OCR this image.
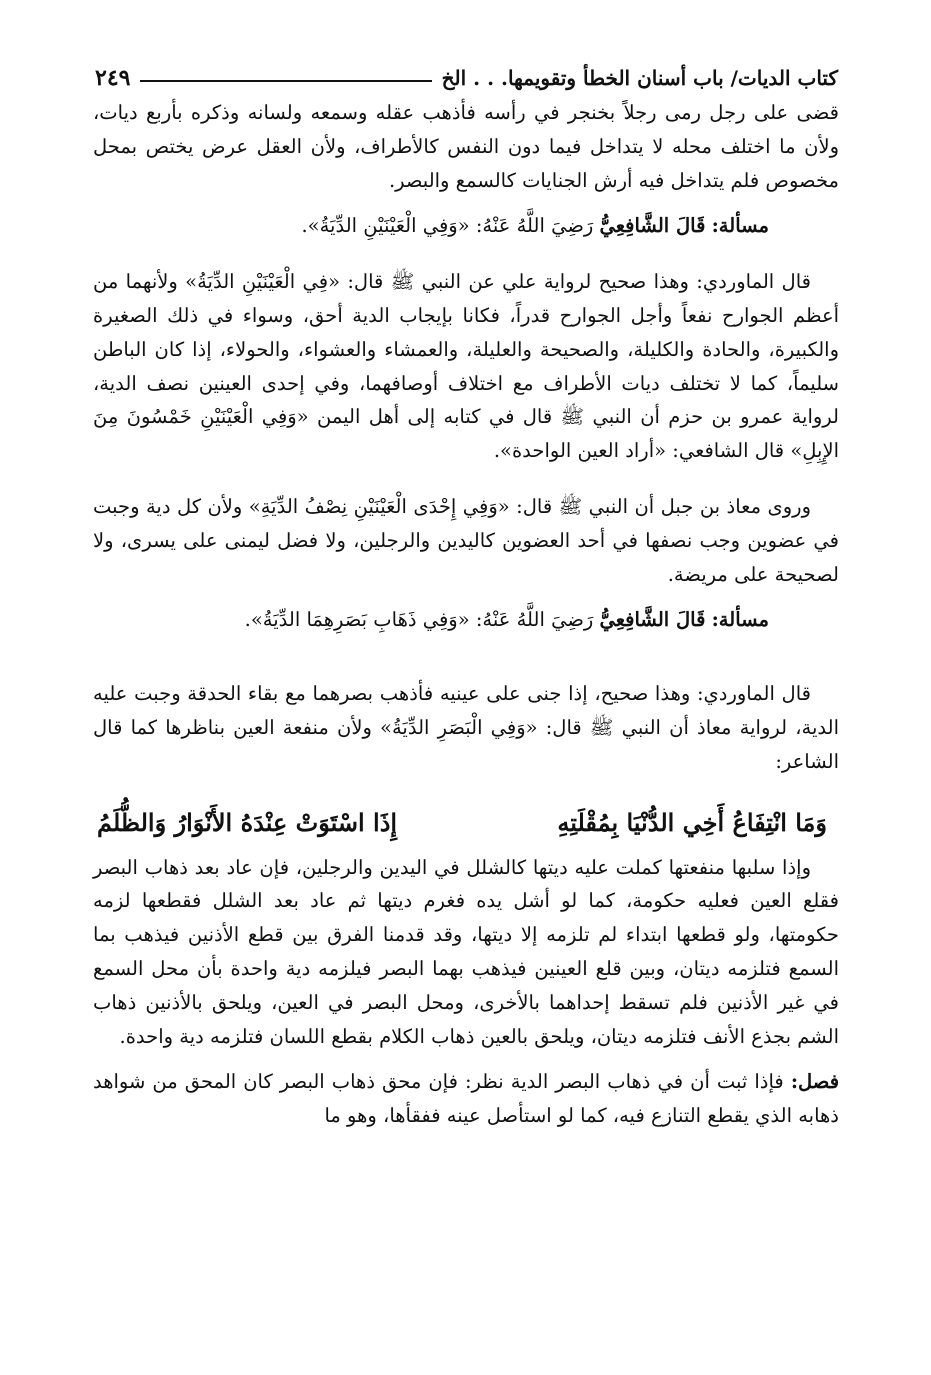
كتاب الديات/ باب أسنان الخطأ وتقويمها. . . الخ
٢٤٩

قضى على رجل رمى رجلاً بخنجر في رأسه فأذهب عقله وسمعه ولسانه وذكره بأربع ديات، ولأن ما اختلف محله لا يتداخل فيما دون النفس كالأطراف، ولأن العقل عرض يختص بمحل مخصوص فلم يتداخل فيه أرش الجنايات كالسمع والبصر.

مسألة: قَالَ الشَّافِعِيُّ رَضِيَ اللَّهُ عَنْهُ: «وَفِي الْعَيْنَيْنِ الدِّيَةُ».

قال الماوردي: وهذا صحيح لرواية علي عن النبي ﷺ قال: «فِي الْعَيْنَيْنِ الدِّيَةُ» ولأنهما من أعظم الجوارح نفعاً وأجل الجوارح قدراً، فكانا بإيجاب الدية أحق، وسواء في ذلك الصغيرة والكبيرة، والحادة والكليلة، والصحيحة والعليلة، والعمشاء والعشواء، والحولاء، إذا كان الباطن سليماً، كما لا تختلف ديات الأطراف مع اختلاف أوصافهما، وفي إحدى العينين نصف الدية، لرواية عمرو بن حزم أن النبي ﷺ قال في كتابه إلى أهل اليمن «وَفِي الْعَيْنَيْنِ خَمْسُونَ مِنَ الإِبِلِ» قال الشافعي: «أراد العين الواحدة».

وروى معاذ بن جبل أن النبي ﷺ قال: «وَفِي إِحْدَى الْعَيْنَيْنِ نِصْفُ الدِّيَةِ» ولأن كل دية وجبت في عضوين وجب نصفها في أحد العضوين كاليدين والرجلين، ولا فضل ليمنى على يسرى، ولا لصحيحة على مريضة.

مسألة: قَالَ الشَّافِعِيُّ رَضِيَ اللَّهُ عَنْهُ: «وَفِي ذَهَابِ بَصَرِهِمَا الدِّيَةُ».

قال الماوردي: وهذا صحيح، إذا جنى على عينيه فأذهب بصرهما مع بقاء الحدقة وجبت عليه الدية، لرواية معاذ أن النبي ﷺ قال: «وَفِي الْبَصَرِ الدِّيَةُ» ولأن منفعة العين بناظرها كما قال الشاعر:

وَمَا انْتِفَاعُ أَخِي الدُّنْيَا بِمُقْلَتِهِ
إِذَا اسْتَوَتْ عِنْدَهُ الأَنْوَارُ وَالظُّلَمُ

وإذا سلبها منفعتها كملت عليه ديتها كالشلل في اليدين والرجلين، فإن عاد بعد ذهاب البصر فقلع العين فعليه حكومة، كما لو أشل يده فغرم ديتها ثم عاد بعد الشلل فقطعها لزمه حكومتها، ولو قطعها ابتداء لم تلزمه إلا ديتها، وقد قدمنا الفرق بين قطع الأذنين فيذهب بما السمع فتلزمه ديتان، وبين قلع العينين فيذهب بهما البصر فيلزمه دية واحدة بأن محل السمع في غير الأذنين فلم تسقط إحداهما بالأخرى، ومحل البصر في العين، ويلحق بالأذنين ذهاب الشم بجذع الأنف فتلزمه ديتان، ويلحق بالعين ذهاب الكلام بقطع اللسان فتلزمه دية واحدة.

فصل: فإذا ثبت أن في ذهاب البصر الدية نظر: فإن محق ذهاب البصر كان المحق من شواهد ذهابه الذي يقطع التنازع فيه، كما لو استأصل عينه ففقأها، وهو ما
